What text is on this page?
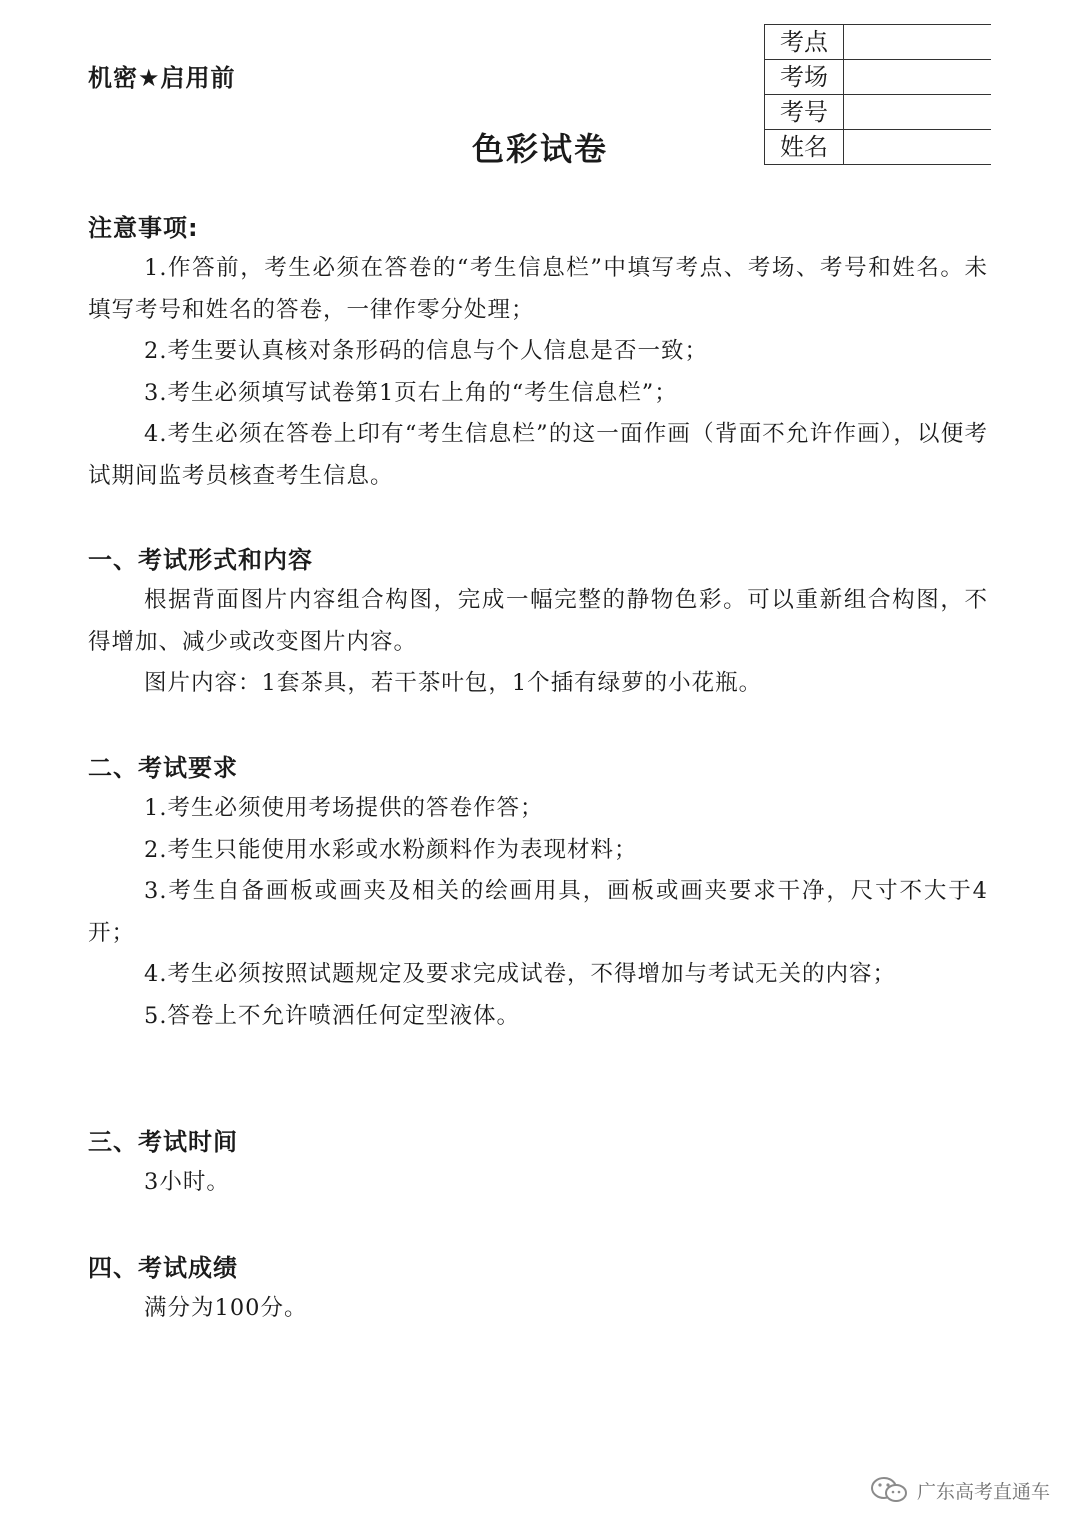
机密★启用前
色彩试卷
考点	
考场	
考号	
姓名	
注意事项:

1.作答前，考生必须在答卷的“考生信息栏”中填写考点、考场、考号和姓名。未填写考号和姓名的答卷，一律作零分处理；

2.考生要认真核对条形码的信息与个人信息是否一致；

3.考生必须填写试卷第1页右上角的“考生信息栏”；

4.考生必须在答卷上印有“考生信息栏”的这一面作画（背面不允许作画），以便考试期间监考员核查考生信息。

一、考试形式和内容

根据背面图片内容组合构图，完成一幅完整的静物色彩。可以重新组合构图，不得增加、减少或改变图片内容。

图片内容：1套茶具，若干茶叶包，1个插有绿萝的小花瓶。

二、考试要求

1.考生必须使用考场提供的答卷作答；

2.考生只能使用水彩或水粉颜料作为表现材料；

3.考生自备画板或画夹及相关的绘画用具，画板或画夹要求干净，尺寸不大于4开；

4.考生必须按照试题规定及要求完成试卷，不得增加与考试无关的内容；

5.答卷上不允许喷洒任何定型液体。

三、考试时间

3小时。

四、考试成绩

满分为100分。

广东高考直通车
